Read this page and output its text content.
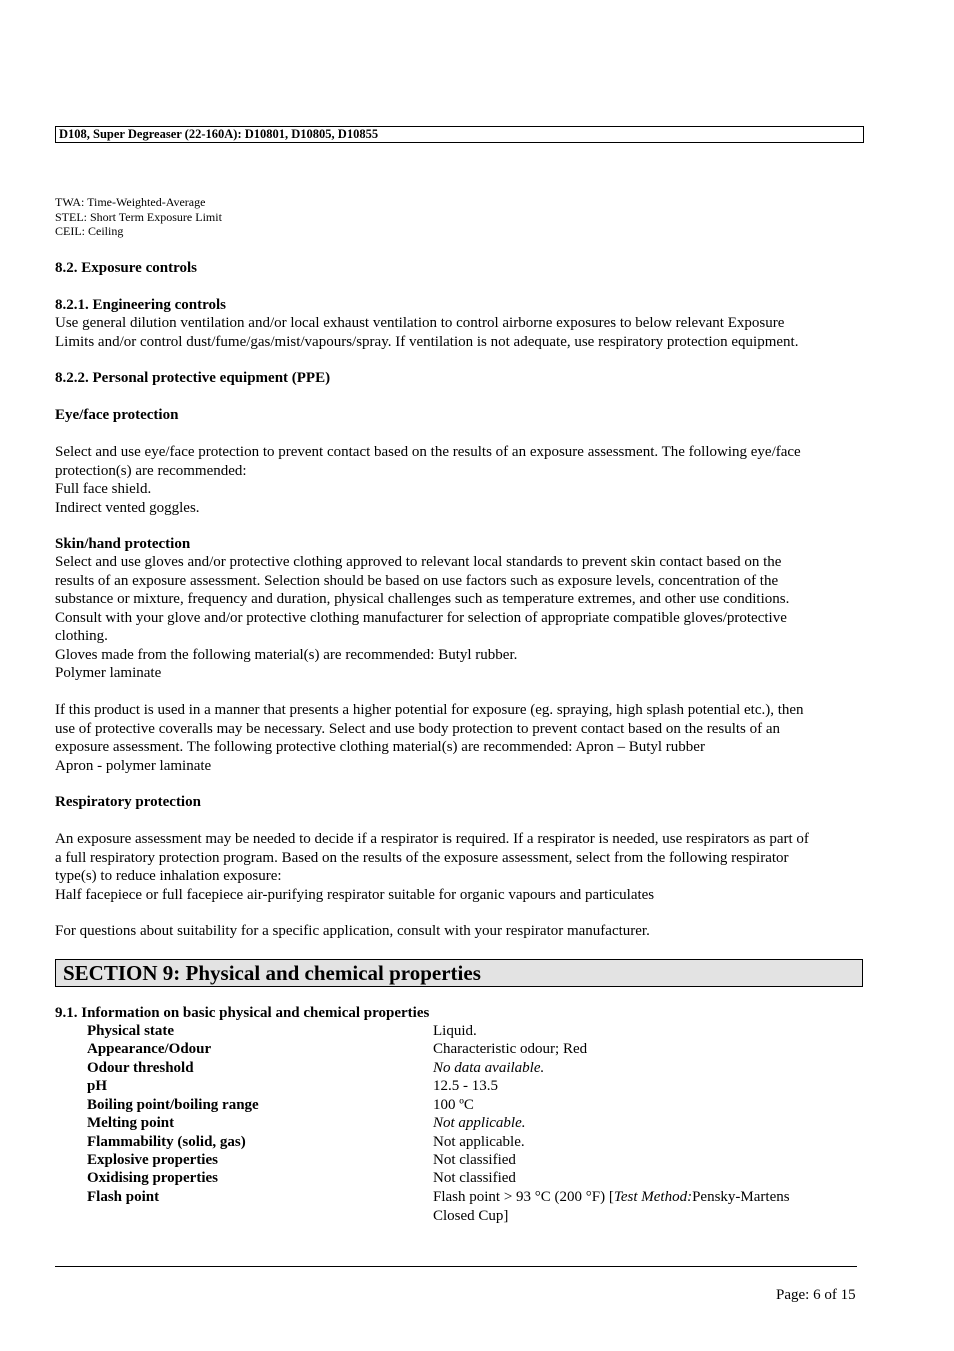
D108, Super Degreaser (22-160A): D10801, D10805, D10855
TWA: Time-Weighted-Average
STEL: Short Term Exposure Limit
CEIL: Ceiling
8.2. Exposure controls
8.2.1. Engineering controls
Use general dilution ventilation and/or local exhaust ventilation to control airborne exposures to below relevant Exposure
Limits and/or control dust/fume/gas/mist/vapours/spray. If ventilation is not adequate, use respiratory protection equipment.
8.2.2. Personal protective equipment (PPE)
Eye/face protection
Select and use eye/face protection to prevent contact based on the results of an exposure assessment. The following eye/face
protection(s) are recommended:
Full face shield.
Indirect vented goggles.
Skin/hand protection
Select and use gloves and/or protective clothing approved to relevant local standards to prevent skin contact based on the
results of an exposure assessment. Selection should be based on use factors such as exposure levels, concentration of the
substance or mixture, frequency and duration, physical challenges such as temperature extremes, and other use conditions.
Consult with your glove and/or protective clothing manufacturer for selection of appropriate compatible gloves/protective
clothing.
Gloves made from the following material(s) are recommended: Butyl rubber.
Polymer laminate
If this product is used in a manner that presents a higher potential for exposure (eg. spraying, high splash potential etc.), then
use of protective coveralls may be necessary. Select and use body protection to prevent contact based on the results of an
exposure assessment. The following protective clothing material(s) are recommended: Apron – Butyl rubber
Apron - polymer laminate
Respiratory protection
An exposure assessment may be needed to decide if a respirator is required. If a respirator is needed, use respirators as part of
a full respiratory protection program. Based on the results of the exposure assessment, select from the following respirator
type(s) to reduce inhalation exposure:
Half facepiece or full facepiece air-purifying respirator suitable for organic vapours and particulates
For questions about suitability for a specific application, consult with your respirator manufacturer.
SECTION 9: Physical and chemical properties
9.1. Information on basic physical and chemical properties
Physical state	Liquid.
Appearance/Odour	Characteristic odour; Red
Odour threshold	No data available.
pH	12.5 - 13.5
Boiling point/boiling range	100 ºC
Melting point	Not applicable.
Flammability (solid, gas)	Not applicable.
Explosive properties	Not classified
Oxidising properties	Not classified
Flash point	Flash point > 93 °C (200 °F) [Test Method:Pensky-Martens
Closed Cup]
Page: 6 of 15
